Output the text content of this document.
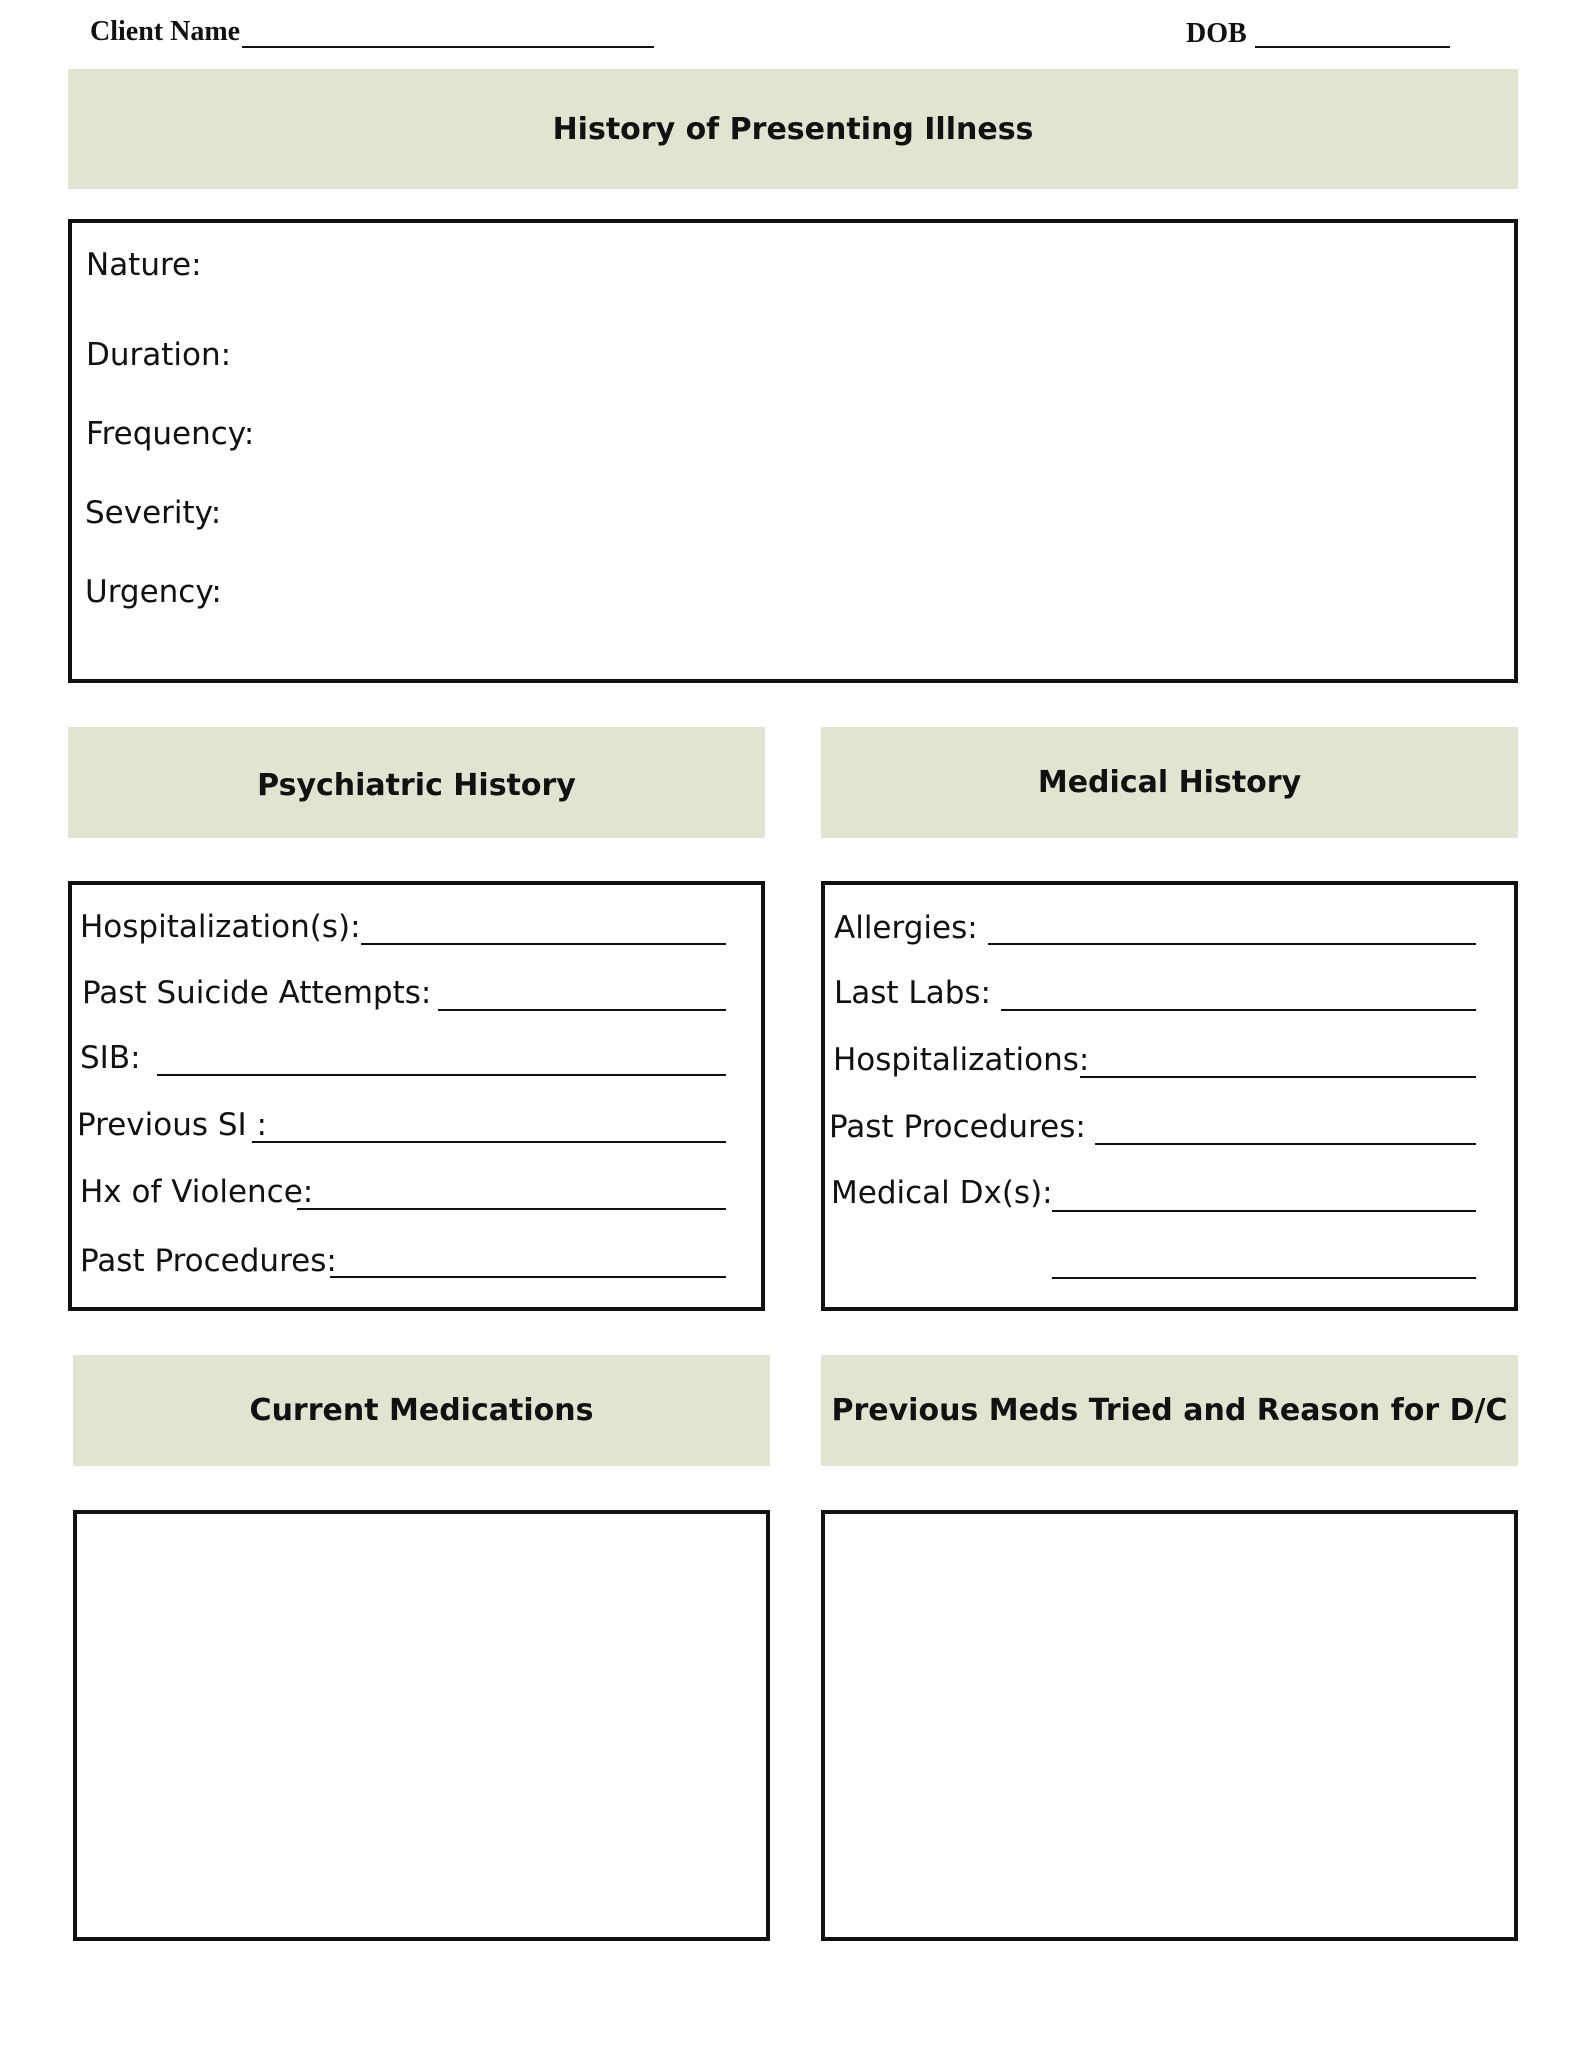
Client Name	DOB
History of Presenting Illness
Nature:
Duration:
Frequency:
Severity:
Urgency:
Psychiatric History	Medical History
Hospitalization(s):
Past Suicide Attempts:
SIB:
Previous SI :
Hx of Violence:
Past Procedures:
Allergies:
Last Labs:
Hospitalizations:
Past Procedures:
Medical Dx(s):
Current Medications	Previous Meds Tried and Reason for D/C
